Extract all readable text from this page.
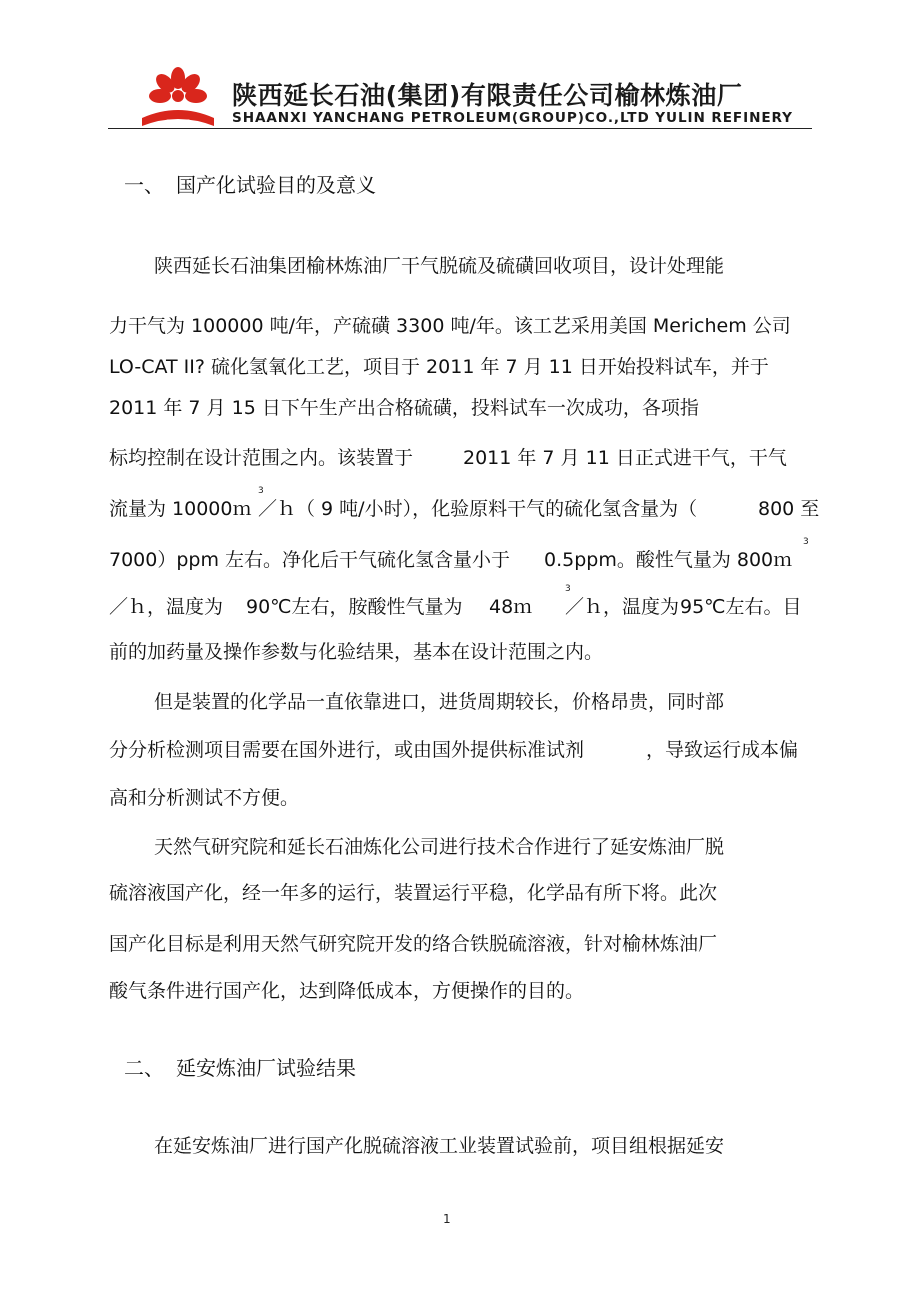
1905
陕西延长石油(集团)有限责任公司榆林炼油厂
SHAANXI YANCHANG PETROLEUM(GROUP)CO.,LTD YULIN REFINERY
一、 国产化试验目的及意义
陕西延长石油集团榆林炼油厂干气脱硫及硫磺回收项目，设计处理能
力干气为 100000 吨/年，产硫磺 3300 吨/年。该工艺采用美国 Merichem 公司
LO-CAT II? 硫化氢氧化工艺，项目于 2011 年 7 月 11 日开始投料试车，并于
2011 年 7 月 15 日下午生产出合格硫磺，投料试车一次成功，各项指
标均控制在设计范围之内。该装置于	2011 年 7 月 11 日正式进干气，干气
流量为 10000ｍ
3
／ｈ（ 9 吨/小时），化验原料干气的硫化氢含量为（	800 至
7000）ppm 左右。净化后干气硫化氢含量小于 0.5ppm。酸性气量为 800ｍ
3
／ｈ，温度为 90℃左右，胺酸性气量为 48ｍ
3
／ｈ，温度为 95℃左右。目
前的加药量及操作参数与化验结果，基本在设计范围之内。
但是装置的化学品一直依靠进口，进货周期较长，价格昂贵，同时部
分分析检测项目需要在国外进行，或由国外提供标准试剂	，导致运行成本偏
高和分析测试不方便。
天然气研究院和延长石油炼化公司进行技术合作进行了延安炼油厂脱
硫溶液国产化，经一年多的运行，装置运行平稳，化学品有所下将。此次
国产化目标是利用天然气研究院开发的络合铁脱硫溶液，针对榆林炼油厂
酸气条件进行国产化，达到降低成本，方便操作的目的。
二、 延安炼油厂试验结果
在延安炼油厂进行国产化脱硫溶液工业装置试验前，项目组根据延安
1
